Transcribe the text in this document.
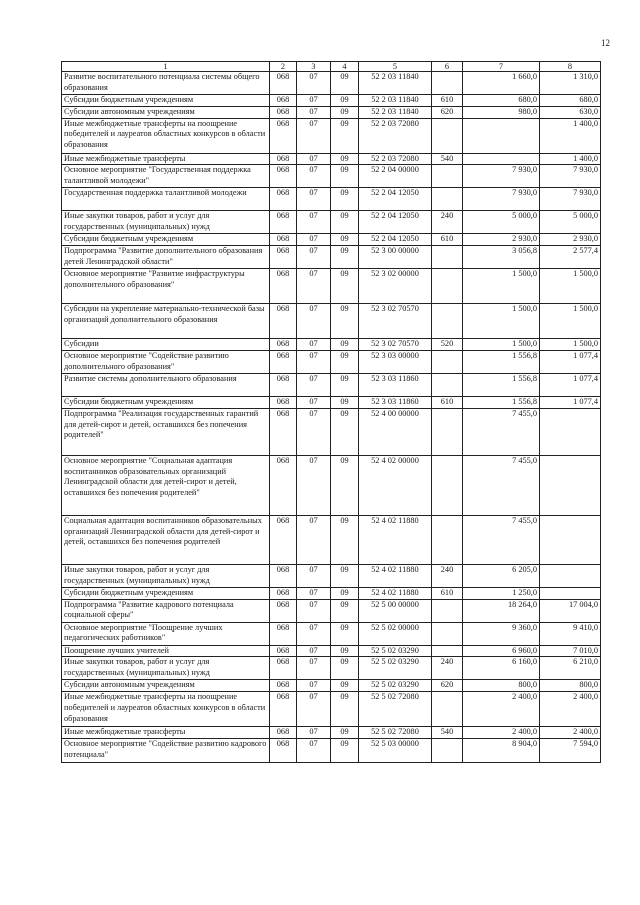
12
1	2	3	4	5	6	7	8
Развитие воспитательного потенциала системы общего образования	068	07	09	52 2 03 11840		1 660,0	1 310,0
Субсидии бюджетным учреждениям	068	07	09	52 2 03 11840	610	680,0	680,0
Субсидии автономным учреждениям	068	07	09	52 2 03 11840	620	980,0	630,0
Иные межбюджетные трансферты на поощрение победителей и лауреатов областных конкурсов в области образования	068	07	09	52 2 03 72080			1 400,0
Иные межбюджетные трансферты	068	07	09	52 2 03 72080	540		1 400,0
Основное мероприятие "Государственная поддержка талантливой молодежи"	068	07	09	52 2 04 00000		7 930,0	7 930,0
Государственная поддержка талантливой молодежи	068	07	09	52 2 04 12050		7 930,0	7 930,0
Иные закупки товаров, работ и услуг для государственных (муниципальных) нужд	068	07	09	52 2 04 12050	240	5 000,0	5 000,0
Субсидии бюджетным учреждениям	068	07	09	52 2 04 12050	610	2 930,0	2 930,0
Подпрограмма "Развитие дополнительного образования детей Ленинградской области"	068	07	09	52 3 00 00000		3 056,8	2 577,4
Основное мероприятие "Развитие инфраструктуры дополнительного образования"	068	07	09	52 3 02 00000		1 500,0	1 500,0
Субсидии на укрепление материально-технической базы организаций дополнительного образования	068	07	09	52 3 02 70570		1 500,0	1 500,0
Субсидии	068	07	09	52 3 02 70570	520	1 500,0	1 500,0
Основное мероприятие "Содействие развитию дополнительного образования"	068	07	09	52 3 03 00000		1 556,8	1 077,4
Развитие системы дополнительного образования	068	07	09	52 3 03 11860		1 556,8	1 077,4
Субсидии бюджетным учреждениям	068	07	09	52 3 03 11860	610	1 556,8	1 077,4
Подпрограмма "Реализация государственных гарантий для детей-сирот и детей, оставшихся без попечения родителей"	068	07	09	52 4 00 00000		7 455,0	
Основное мероприятие "Социальная адаптация воспитанников образовательных организаций Ленинградской области для детей-сирот и детей, оставшихся без попечения родителей"	068	07	09	52 4 02 00000		7 455,0	
Социальная адаптация воспитанников образовательных организаций Ленинградской области для детей-сирот и детей, оставшихся без попечения родителей	068	07	09	52 4 02 11880		7 455,0	
Иные закупки товаров, работ и услуг для государственных (муниципальных) нужд	068	07	09	52 4 02 11880	240	6 205,0	
Субсидии бюджетным учреждениям	068	07	09	52 4 02 11880	610	1 250,0	
Подпрограмма "Развитие кадрового потенциала социальной сферы"	068	07	09	52 5 00 00000		18 264,0	17 004,0
Основное мероприятие "Поощрение лучших педагогических работников"	068	07	09	52 5 02 00000		9 360,0	9 410,0
Поощрение лучших учителей	068	07	09	52 5 02 03290		6 960,0	7 010,0
Иные закупки товаров, работ и услуг для государственных (муниципальных) нужд	068	07	09	52 5 02 03290	240	6 160,0	6 210,0
Субсидии автономным учреждениям	068	07	09	52 5 02 03290	620	800,0	800,0
Иные межбюджетные трансферты на поощрение победителей и лауреатов областных конкурсов в области образования	068	07	09	52 5 02 72080		2 400,0	2 400,0
Иные межбюджетные трансферты	068	07	09	52 5 02 72080	540	2 400,0	2 400,0
Основное мероприятие "Содействие развитию кадрового потенциала"	068	07	09	52 5 03 00000		8 904,0	7 594,0
